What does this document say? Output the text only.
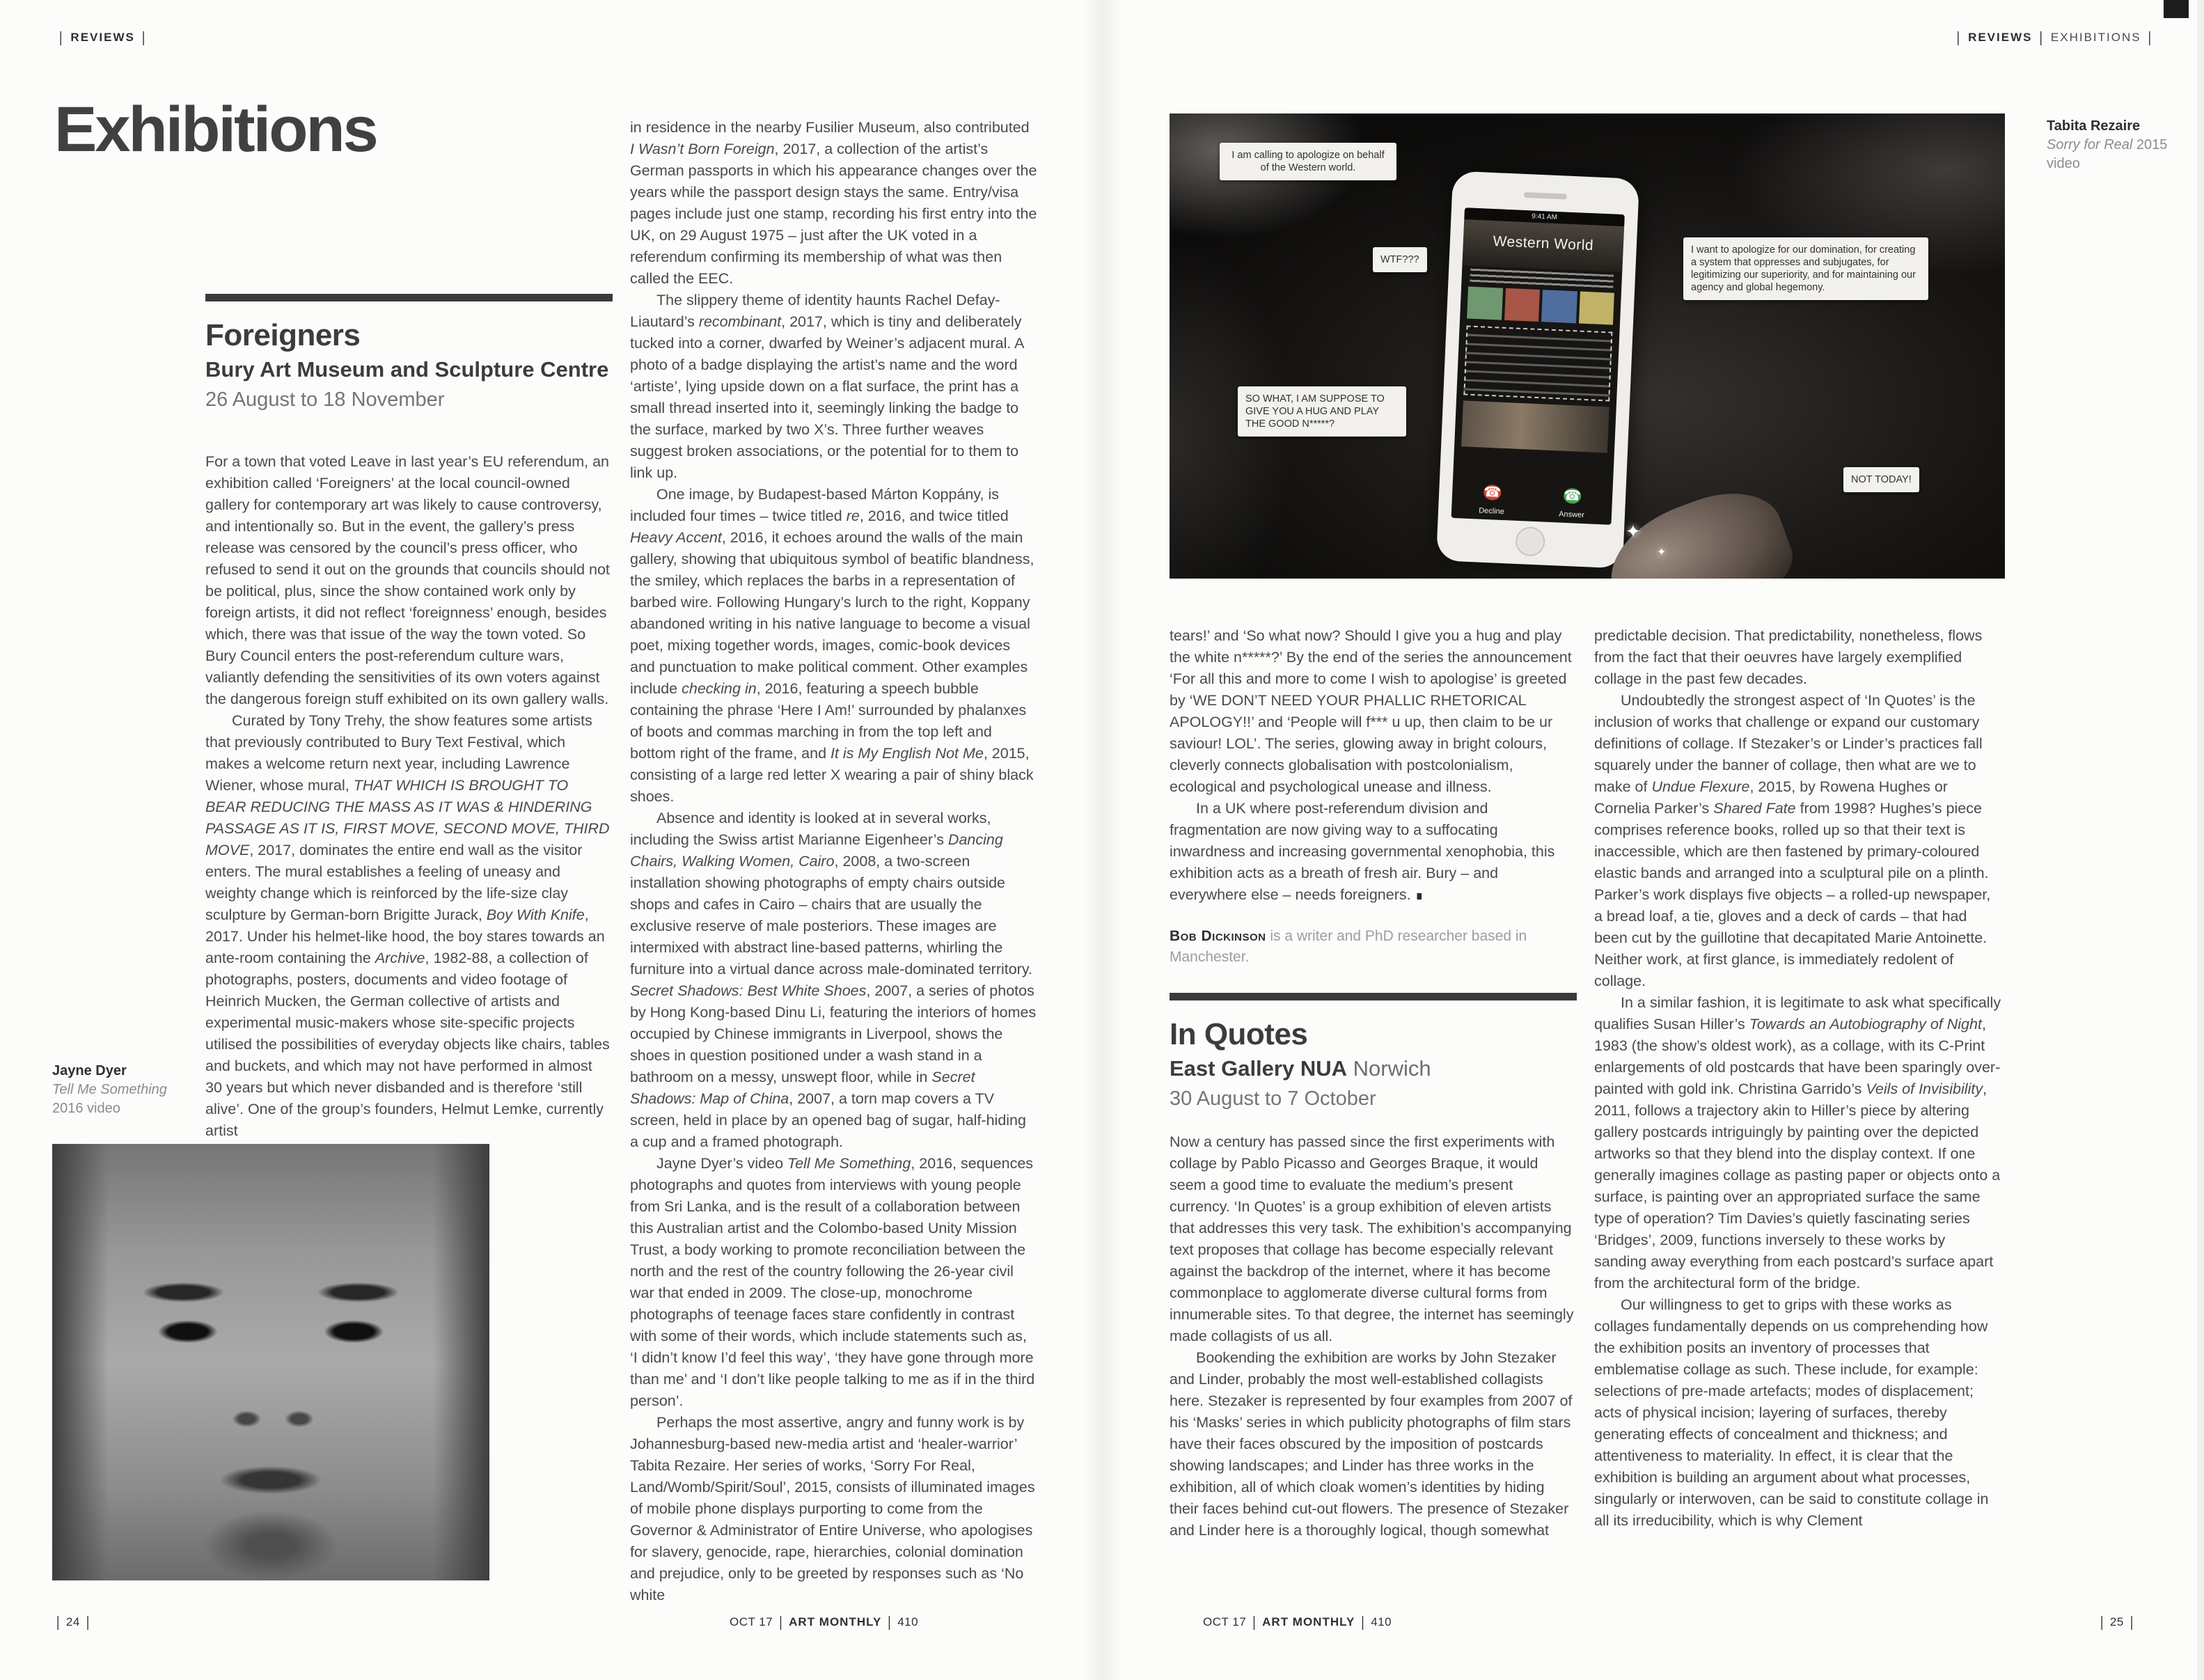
| REVIEWS |	| REVIEWS | EXHIBITIONS |
Exhibitions
Foreigners
Bury Art Museum and Sculpture Centre
26 August to 18 November

For a town that voted Leave in last year’s EU referendum, an exhibition called ‘Foreigners’ at the local council-owned gallery for contemporary art was likely to cause controversy, and intentionally so. But in the event, the gallery’s press release was censored by the council’s press officer, who refused to send it out on the grounds that councils should not be political, plus, since the show contained work only by foreign artists, it did not reflect ‘foreignness’ enough, besides which, there was that issue of the way the town voted. So Bury Council enters the post-referendum culture wars, valiantly defending the sensitivities of its own voters against the dangerous foreign stuff exhibited on its own gallery walls.

Curated by Tony Trehy, the show features some artists that previously contributed to Bury Text Festival, which makes a welcome return next year, including Lawrence Wiener, whose mural, THAT WHICH IS BROUGHT TO BEAR REDUCING THE MASS AS IT WAS & HINDERING PASSAGE AS IT IS, FIRST MOVE, SECOND MOVE, THIRD MOVE, 2017, dominates the entire end wall as the visitor enters. The mural establishes a feeling of uneasy and weighty change which is reinforced by the life-size clay sculpture by German-born Brigitte Jurack, Boy With Knife, 2017. Under his helmet-like hood, the boy stares towards an ante-room containing the Archive, 1982-88, a collection of photographs, posters, documents and video footage of Heinrich Mucken, the German collective of artists and experimental music-makers whose site-specific projects utilised the possibilities of everyday objects like chairs, tables and buckets, and which may not have performed in almost 30 years but which never disbanded and is therefore ‘still alive’. One of the group’s founders, Helmut Lemke, currently artist

in residence in the nearby Fusilier Museum, also contributed I Wasn’t Born Foreign, 2017, a collection of the artist’s German passports in which his appearance changes over the years while the passport design stays the same. Entry/visa pages include just one stamp, recording his first entry into the UK, on 29 August 1975 – just after the UK voted in a referendum confirming its membership of what was then called the EEC.

The slippery theme of identity haunts Rachel Defay-Liautard’s recombinant, 2017, which is tiny and deliberately tucked into a corner, dwarfed by Weiner’s adjacent mural. A photo of a badge displaying the artist’s name and the word ‘artiste’, lying upside down on a flat surface, the print has a small thread inserted into it, seemingly linking the badge to the surface, marked by two X’s. Three further weaves suggest broken associations, or the potential for to them to link up.

One image, by Budapest-based Márton Koppány, is included four times – twice titled re, 2016, and twice titled Heavy Accent, 2016, it echoes around the walls of the main gallery, showing that ubiquitous symbol of beatific blandness, the smiley, which replaces the barbs in a representation of barbed wire. Following Hungary’s lurch to the right, Koppany abandoned writing in his native language to become a visual poet, mixing together words, images, comic-book devices and punctuation to make political comment. Other examples include checking in, 2016, featuring a speech bubble containing the phrase ‘Here I Am!’ surrounded by phalanxes of boots and commas marching in from the top left and bottom right of the frame, and It is My English Not Me, 2015, consisting of a large red letter X wearing a pair of shiny black shoes.

Absence and identity is looked at in several works, including the Swiss artist Marianne Eigenheer’s Dancing Chairs, Walking Women, Cairo, 2008, a two-screen installation showing photographs of empty chairs outside shops and cafes in Cairo – chairs that are usually the exclusive reserve of male posteriors. These images are intermixed with abstract line-based patterns, whirling the furniture into a virtual dance across male-dominated territory. Secret Shadows: Best White Shoes, 2007, a series of photos by Hong Kong-based Dinu Li, featuring the interiors of homes occupied by Chinese immigrants in Liverpool, shows the shoes in question positioned under a wash stand in a bathroom on a messy, unswept floor, while in Secret Shadows: Map of China, 2007, a torn map covers a TV screen, held in place by an opened bag of sugar, half-hiding a cup and a framed photograph.

Jayne Dyer’s video Tell Me Something, 2016, sequences photographs and quotes from interviews with young people from Sri Lanka, and is the result of a collaboration between this Australian artist and the Colombo-based Unity Mission Trust, a body working to promote reconciliation between the north and the rest of the country following the 26-year civil war that ended in 2009. The close-up, monochrome photographs of teenage faces stare confidently in contrast with some of their words, which include statements such as, ‘I didn’t know I’d feel this way’, ‘they have gone through more than me’ and ‘I don’t like people talking to me as if in the third person’.

Perhaps the most assertive, angry and funny work is by Johannesburg-based new-media artist and ‘healer-warrior’ Tabita Rezaire. Her series of works, ‘Sorry For Real, Land/Womb/Spirit/Soul’, 2015, consists of illuminated images of mobile phone displays purporting to come from the Governor & Administrator of Entire Universe, who apologises for slavery, genocide, rape, hierarchies, colonial domination and prejudice, only to be greeted by responses such as ‘No white

tears!’ and ‘So what now? Should I give you a hug and play the white n*****?’ By the end of the series the announcement ‘For all this and more to come I wish to apologise’ is greeted by ‘WE DON’T NEED YOUR PHALLIC RHETORICAL APOLOGY!!’ and ‘People will f*** u up, then claim to be ur saviour! LOL’. The series, glowing away in bright colours, cleverly connects globalisation with postcolonialism, ecological and psychological unease and illness.

In a UK where post-referendum division and fragmentation are now giving way to a suffocating inwardness and increasing governmental xenophobia, this exhibition acts as a breath of fresh air. Bury – and everywhere else – needs foreigners. ∎

Bob Dickinson is a writer and PhD researcher based in Manchester.

In Quotes
East Gallery NUA Norwich
30 August to 7 October

Now a century has passed since the first experiments with collage by Pablo Picasso and Georges Braque, it would seem a good time to evaluate the medium’s present currency. ‘In Quotes’ is a group exhibition of eleven artists that addresses this very task. The exhibition’s accompanying text proposes that collage has become especially relevant against the backdrop of the internet, where it has become commonplace to agglomerate diverse cultural forms from innumerable sites. To that degree, the internet has seemingly made collagists of us all.

Bookending the exhibition are works by John Stezaker and Linder, probably the most well-established collagists here. Stezaker is represented by four examples from 2007 of his ‘Masks’ series in which publicity photographs of film stars have their faces obscured by the imposition of postcards showing landscapes; and Linder has three works in the exhibition, all of which cloak women’s identities by hiding their faces behind cut-out flowers. The presence of Stezaker and Linder here is a thoroughly logical, though somewhat

predictable decision. That predictability, nonetheless, flows from the fact that their oeuvres have largely exemplified collage in the past few decades.

Undoubtedly the strongest aspect of ‘In Quotes’ is the inclusion of works that challenge or expand our customary definitions of collage. If Stezaker’s or Linder’s practices fall squarely under the banner of collage, then what are we to make of Undue Flexure, 2015, by Rowena Hughes or Cornelia Parker’s Shared Fate from 1998? Hughes’s piece comprises reference books, rolled up so that their text is inaccessible, which are then fastened by primary-coloured elastic bands and arranged into a sculptural pile on a plinth. Parker’s work displays five objects – a rolled-up newspaper, a bread loaf, a tie, gloves and a deck of cards – that had been cut by the guillotine that decapitated Marie Antoinette. Neither work, at first glance, is immediately redolent of collage.

In a similar fashion, it is legitimate to ask what specifically qualifies Susan Hiller’s Towards an Autobiography of Night, 1983 (the show’s oldest work), as a collage, with its C-Print enlargements of old postcards that have been sparingly over-painted with gold ink. Christina Garrido’s Veils of Invisibility, 2011, follows a trajectory akin to Hiller’s piece by altering gallery postcards intriguingly by painting over the depicted artworks so that they blend into the display context. If one generally imagines collage as pasting paper or objects onto a surface, is painting over an appropriated surface the same type of operation? Tim Davies’s quietly fascinating series ‘Bridges’, 2009, functions inversely to these works by sanding away everything from each postcard’s surface apart from the architectural form of the bridge.

Our willingness to get to grips with these works as collages fundamentally depends on us comprehending how the exhibition posits an inventory of processes that emblematise collage as such. These include, for example: selections of pre-made artefacts; modes of displacement; acts of physical incision; layering of surfaces, thereby generating effects of concealment and thickness; and attentiveness to materiality. In effect, it is clear that the exhibition is building an argument about what processes, singularly or interwoven, can be said to constitute collage in all its irreducibility, which is why Clement

Jayne Dyer
Tell Me Something
2016 video
I am calling to apologize on behalf of the Western world.
WTF???
I want to apologize for our domination, for creating a system that oppresses and subjugates, for legitimizing our superiority, and for maintaining our agency and global hegemony.
SO WHAT, I AM SUPPOSE TO GIVE YOU A HUG AND PLAY THE GOOD N*****?
NOT TODAY!
9:41 AM
Western World
☎
Decline
☎
Answer
✦
✦
Tabita Rezaire
Sorry for Real 2015
video
| 24 |	OCT 17 | ART MONTHLY | 410	OCT 17 | ART MONTHLY | 410	| 25 |
